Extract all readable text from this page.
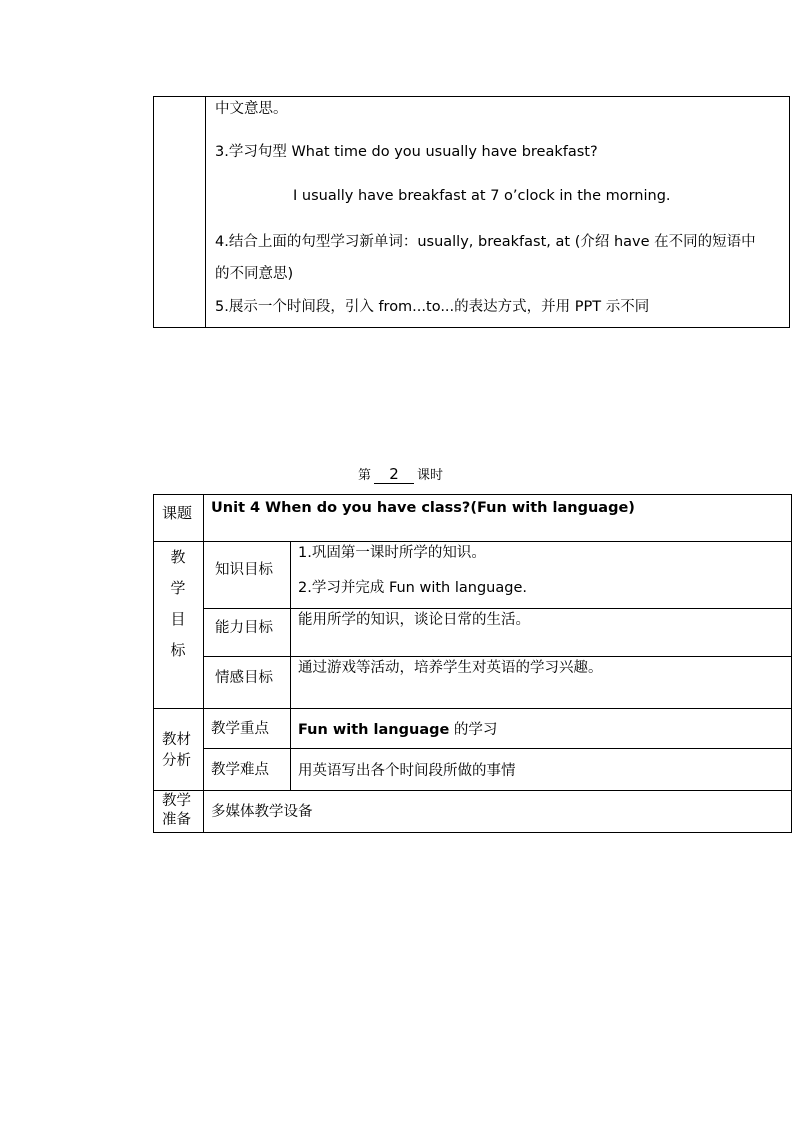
中文意思。
3.学习句型 What time do you usually have breakfast?
I usually have breakfast at 7 o’clock in the morning.
4.结合上面的句型学习新单词：usually, breakfast, at (介绍 have 在不同的短语中
的不同意思)
5.展示一个时间段，引入 from...to...的表达方式，并用 PPT 示不同
第 2 课时
课题 Unit 4 When do you have class?(Fun with language)
教
学
目
标
知识目标
1.巩固第一课时所学的知识。
2.学习并完成 Fun with language.
能力目标 能用所学的知识，谈论日常的生活。
情感目标
通过游戏等活动，培养学生对英语的学习兴趣。
教材
分析
教学重点 Fun with language 的学习
教学难点 用英语写出各个时间段所做的事情
教学
准备 多媒体教学设备
